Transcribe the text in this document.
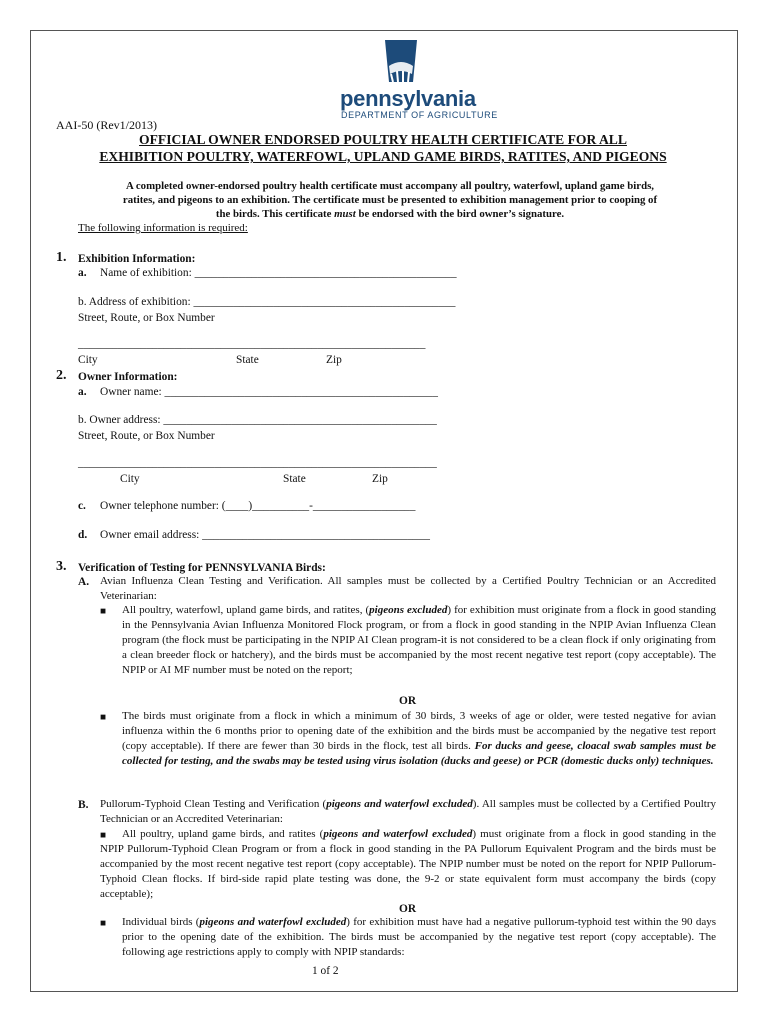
pennsylvania
DEPARTMENT OF AGRICULTURE
AAI-50 (Rev1/2013)
OFFICIAL OWNER ENDORSED POULTRY HEALTH CERTIFICATE FOR ALL
EXHIBITION POULTRY, WATERFOWL, UPLAND GAME BIRDS, RATITES, AND PIGEONS
A completed owner-endorsed poultry health certificate must accompany all poultry, waterfowl, upland game birds,
ratites, and pigeons to an exhibition. The certificate must be presented to exhibition management prior to cooping of
the birds. This certificate must be endorsed with the bird owner’s signature.
The following information is required:
1. Exhibition Information:
a. Name of exhibition: ______________________________________________
b. Address of exhibition: ______________________________________________
Street, Route, or Box Number
_____________________________________________________________
City	State	Zip
2. Owner Information:
a. Owner name: ________________________________________________
b. Owner address: ________________________________________________
Street, Route, or Box Number
_______________________________________________________________
City	State	Zip
c. Owner telephone number: (____)__________-__________________
d. Owner email address: ________________________________________
3. Verification of Testing for PENNSYLVANIA Birds:
A. Avian Influenza Clean Testing and Verification. All samples must be collected by a Certified Poultry Technician or an Accredited Veterinarian:
■ All poultry, waterfowl, upland game birds, and ratites, (pigeons excluded) for exhibition must originate from a flock in good standing in the Pennsylvania Avian Influenza Monitored Flock program, or from a flock in good standing in the NPIP Avian Influenza Clean program (the flock must be participating in the NPIP AI Clean program-it is not considered to be a clean flock if only originating from a clean breeder flock or hatchery), and the birds must be accompanied by the most recent negative test report (copy acceptable). The NPIP or AI MF number must be noted on the report;
OR
■ The birds must originate from a flock in which a minimum of 30 birds, 3 weeks of age or older, were tested negative for avian influenza within the 6 months prior to opening date of the exhibition and the birds must be accompanied by the negative test report (copy acceptable). If there are fewer than 30 birds in the flock, test all birds. For ducks and geese, cloacal swab samples must be collected for testing, and the swabs may be tested using virus isolation (ducks and geese) or PCR (domestic ducks only) techniques.
B. Pullorum-Typhoid Clean Testing and Verification (pigeons and waterfowl excluded). All samples must be collected by a Certified Poultry Technician or an Accredited Veterinarian:
■	All poultry, upland game birds, and ratites (pigeons and waterfowl excluded) must originate from a flock in good standing in the NPIP Pullorum-Typhoid Clean Program or from a flock in good standing in the PA Pullorum Equivalent Program and the birds must be accompanied by the most recent negative test report (copy acceptable). The NPIP number must be noted on the report for NPIP Pullorum-Typhoid Clean flocks. If bird-side rapid plate testing was done, the 9-2 or state equivalent form must accompany the birds (copy acceptable);
OR
■ Individual birds (pigeons and waterfowl excluded) for exhibition must have had a negative pullorum-typhoid test within the 90 days prior to the opening date of the exhibition. The birds must be accompanied by the negative test report (copy acceptable). The following age restrictions apply to comply with NPIP standards:
1 of 2
